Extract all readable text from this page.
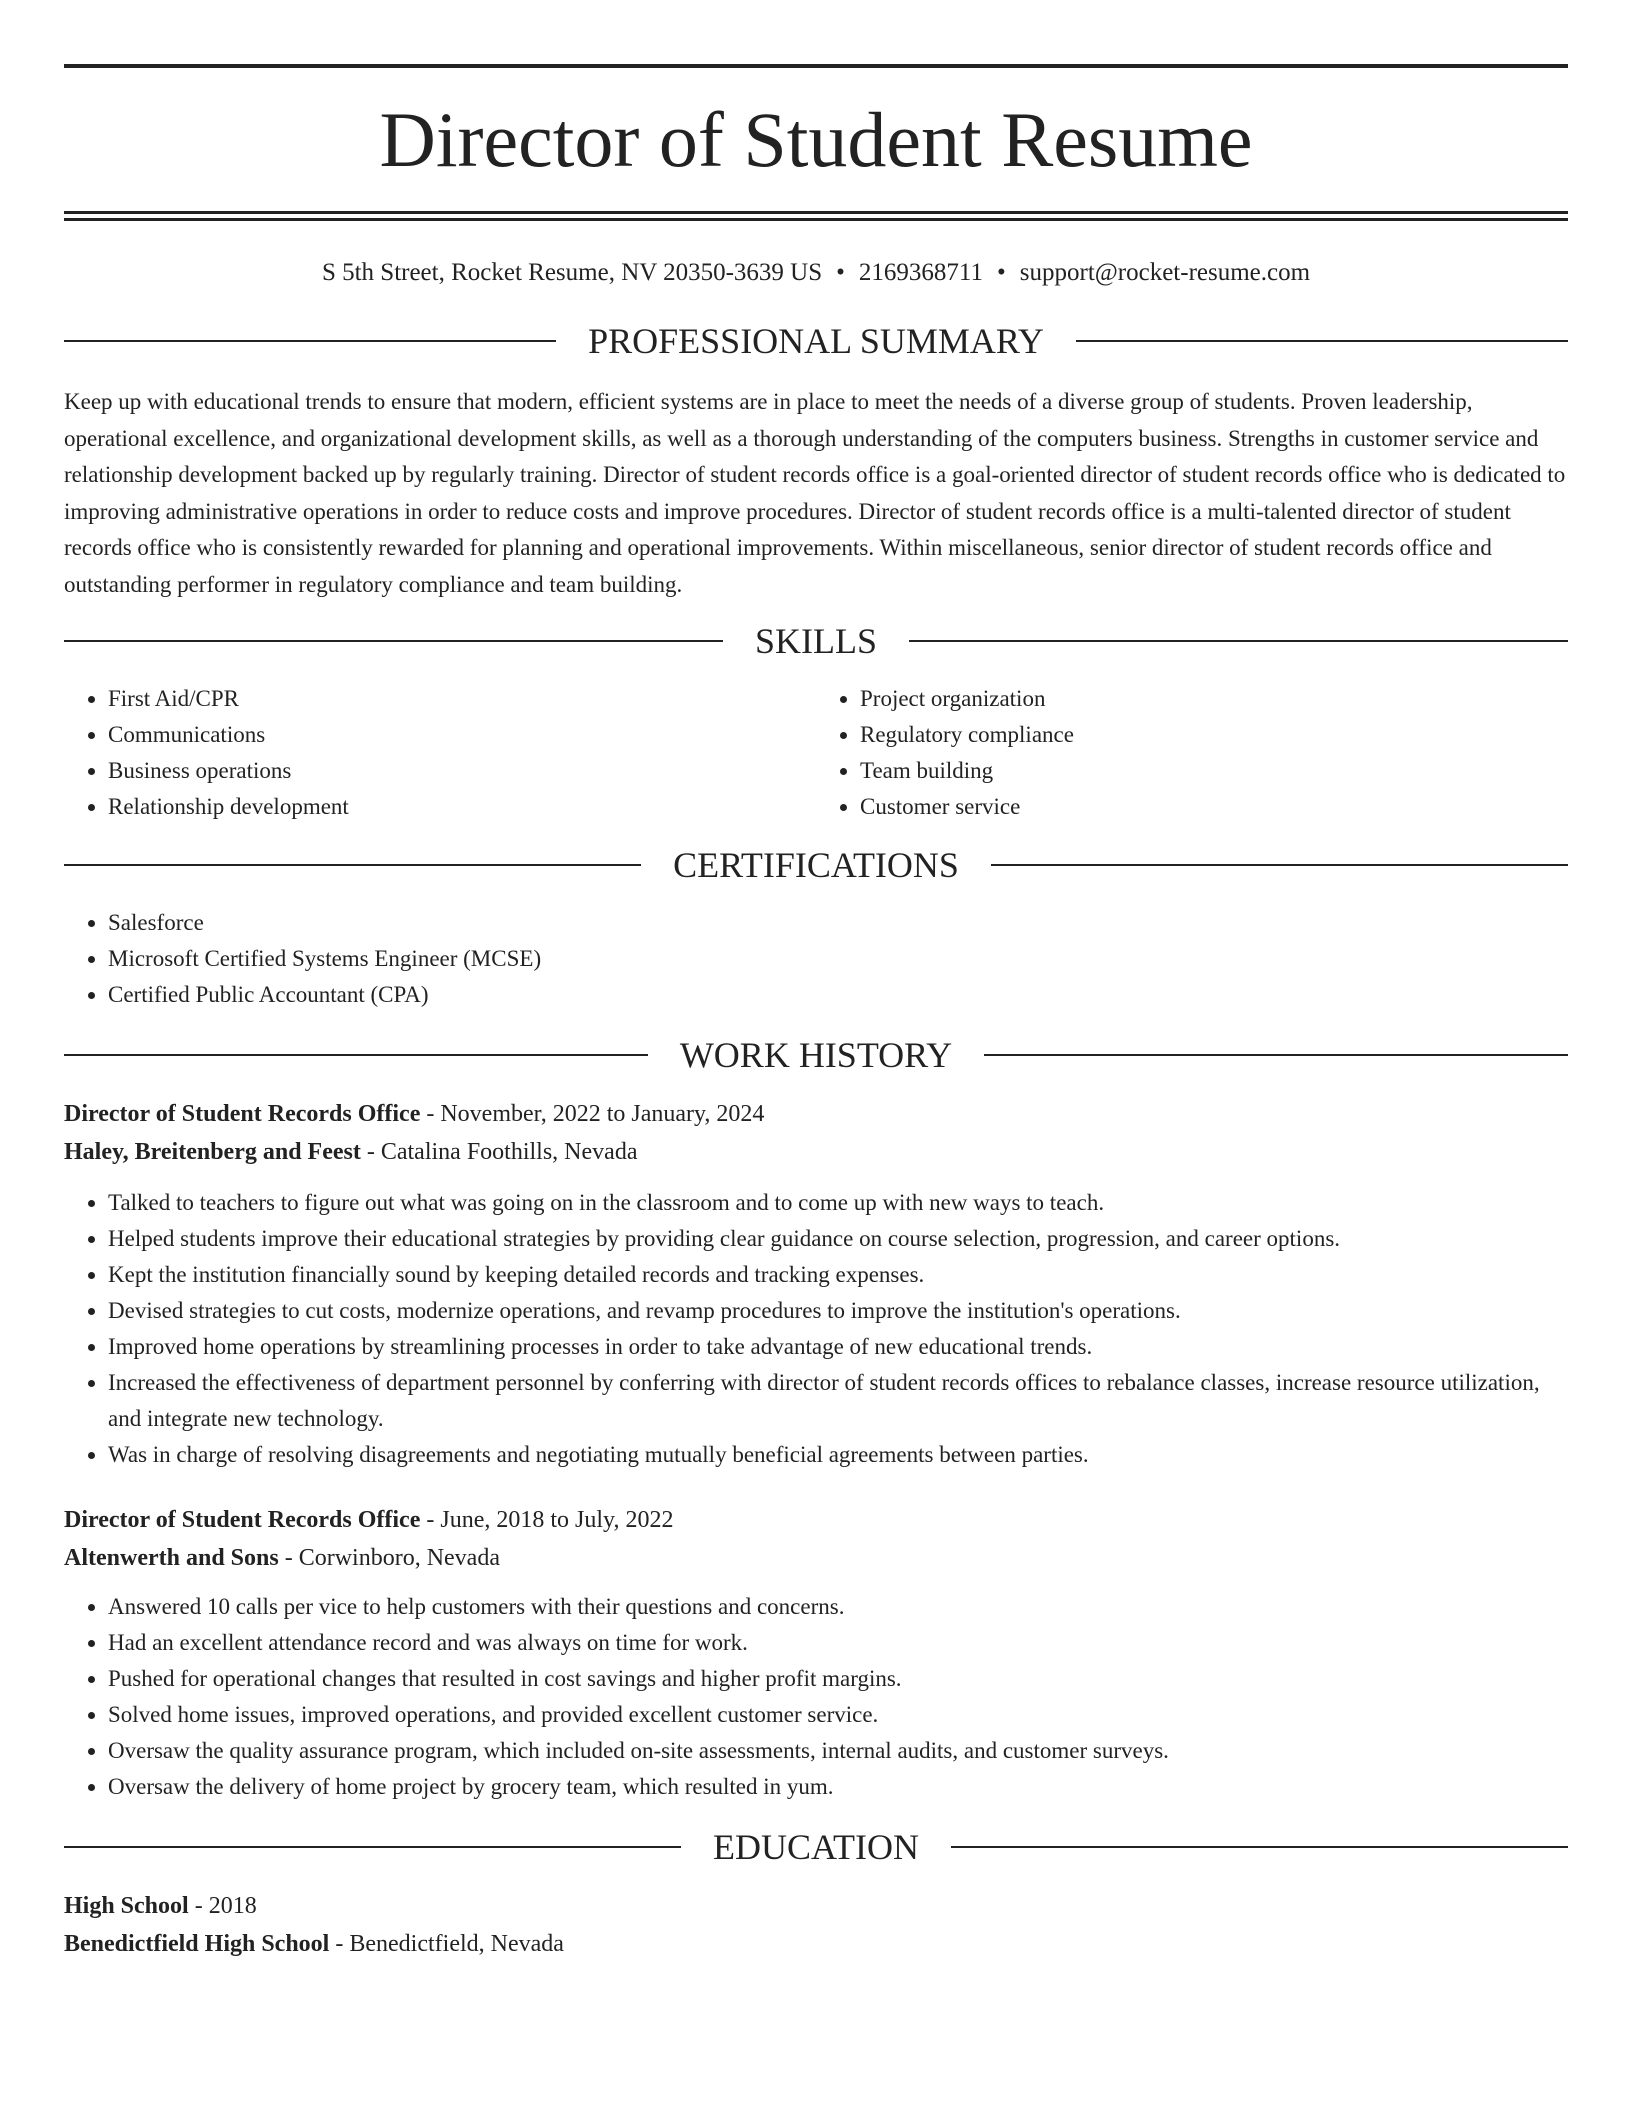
Director of Student Resume
S 5th Street, Rocket Resume, NV 20350-3639 US • 2169368711 • support@rocket-resume.com
PROFESSIONAL SUMMARY

Keep up with educational trends to ensure that modern, efficient systems are in place to meet the needs of a diverse group of students. Proven leadership, operational excellence, and organizational development skills, as well as a thorough understanding of the computers business. Strengths in customer service and relationship development backed up by regularly training. Director of student records office is a goal-oriented director of student records office who is dedicated to improving administrative operations in order to reduce costs and improve procedures. Director of student records office is a multi-talented director of student records office who is consistently rewarded for planning and operational improvements. Within miscellaneous, senior director of student records office and outstanding performer in regulatory compliance and team building.

SKILLS
• First Aid/CPR
• Communications
• Business operations
• Relationship development
• Project organization
• Regulatory compliance
• Team building
• Customer service
CERTIFICATIONS
• Salesforce
• Microsoft Certified Systems Engineer (MCSE)
• Certified Public Accountant (CPA)
WORK HISTORY
Director of Student Records Office - November, 2022 to January, 2024
Haley, Breitenberg and Feest - Catalina Foothills, Nevada
• Talked to teachers to figure out what was going on in the classroom and to come up with new ways to teach.
• Helped students improve their educational strategies by providing clear guidance on course selection, progression, and career options.
• Kept the institution financially sound by keeping detailed records and tracking expenses.
• Devised strategies to cut costs, modernize operations, and revamp procedures to improve the institution's operations.
• Improved home operations by streamlining processes in order to take advantage of new educational trends.
• Increased the effectiveness of department personnel by conferring with director of student records offices to rebalance classes, increase resource utilization, and integrate new technology.
• Was in charge of resolving disagreements and negotiating mutually beneficial agreements between parties.
Director of Student Records Office - June, 2018 to July, 2022
Altenwerth and Sons - Corwinboro, Nevada
• Answered 10 calls per vice to help customers with their questions and concerns.
• Had an excellent attendance record and was always on time for work.
• Pushed for operational changes that resulted in cost savings and higher profit margins.
• Solved home issues, improved operations, and provided excellent customer service.
• Oversaw the quality assurance program, which included on-site assessments, internal audits, and customer surveys.
• Oversaw the delivery of home project by grocery team, which resulted in yum.
EDUCATION
High School - 2018
Benedictfield High School - Benedictfield, Nevada
